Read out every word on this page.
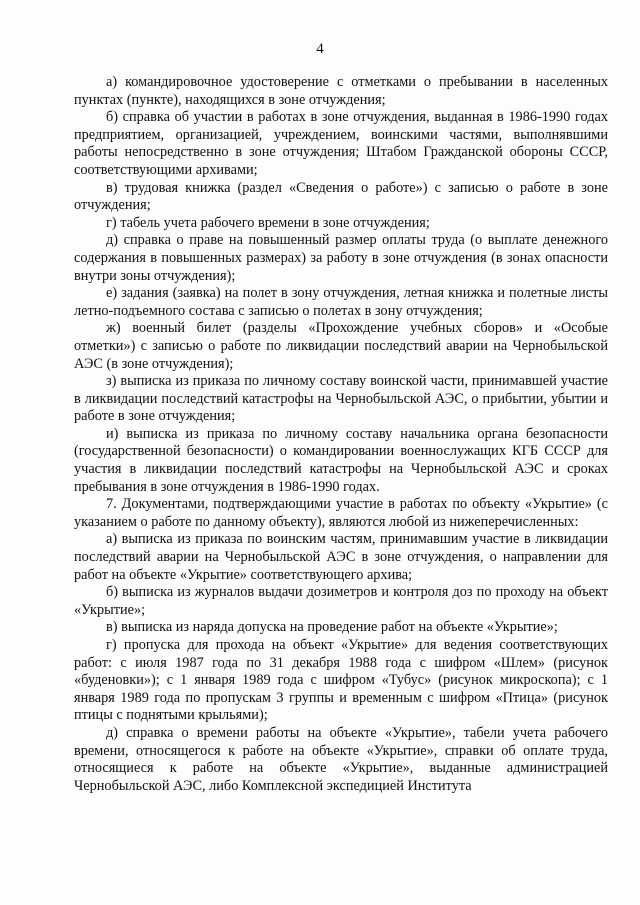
4

а) командировочное удостоверение с отметками о пребывании в населенных пунктах (пункте), находящихся в зоне отчуждения;

б) справка об участии в работах в зоне отчуждения, выданная в 1986-1990 годах предприятием, организацией, учреждением, воинскими частями, выполнявшими работы непосредственно в зоне отчуждения; Штабом Гражданской обороны СССР, соответствующими архивами;

в) трудовая книжка (раздел «Сведения о работе») с записью о работе в зоне отчуждения;

г) табель учета рабочего времени в зоне отчуждения;

д) справка о праве на повышенный размер оплаты труда (о выплате денежного содержания в повышенных размерах) за работу в зоне отчуждения (в зонах опасности внутри зоны отчуждения);

е) задания (заявка) на полет в зону отчуждения, летная книжка и полетные листы летно-подъемного состава с записью о полетах в зону отчуждения;

ж) военный билет (разделы «Прохождение учебных сборов» и «Особые отметки») с записью о работе по ликвидации последствий аварии на Чернобыльской АЭС (в зоне отчуждения);

з) выписка из приказа по личному составу воинской части, принимавшей участие в ликвидации последствий катастрофы на Чернобыльской АЭС, о прибытии, убытии и работе в зоне отчуждения;

и) выписка из приказа по личному составу начальника органа безопасности (государственной безопасности) о командировании военнослужащих КГБ СССР для участия в ликвидации последствий катастрофы на Чернобыльской АЭС и сроках пребывания в зоне отчуждения в 1986-1990 годах.

7. Документами, подтверждающими участие в работах по объекту «Укрытие» (с указанием о работе по данному объекту), являются любой из нижеперечисленных:

а) выписка из приказа по воинским частям, принимавшим участие в ликвидации последствий аварии на Чернобыльской АЭС в зоне отчуждения, о направлении для работ на объекте «Укрытие» соответствующего архива;

б) выписка из журналов выдачи дозиметров и контроля доз по проходу на объект «Укрытие»;

в) выписка из наряда допуска на проведение работ на объекте «Укрытие»;

г) пропуска для прохода на объект «Укрытие» для ведения соответствующих работ: с июля 1987 года по 31 декабря 1988 года с шифром «Шлем» (рисунок «буденовки»); с 1 января 1989 года с шифром «Тубус» (рисунок микроскопа); с 1 января 1989 года по пропускам 3 группы и временным с шифром «Птица» (рисунок птицы с поднятыми крыльями);

д) справка о времени работы на объекте «Укрытие», табели учета рабочего времени, относящегося к работе на объекте «Укрытие», справки об оплате труда, относящиеся к работе на объекте «Укрытие», выданные администрацией Чернобыльской АЭС, либо Комплексной экспедицией Института
